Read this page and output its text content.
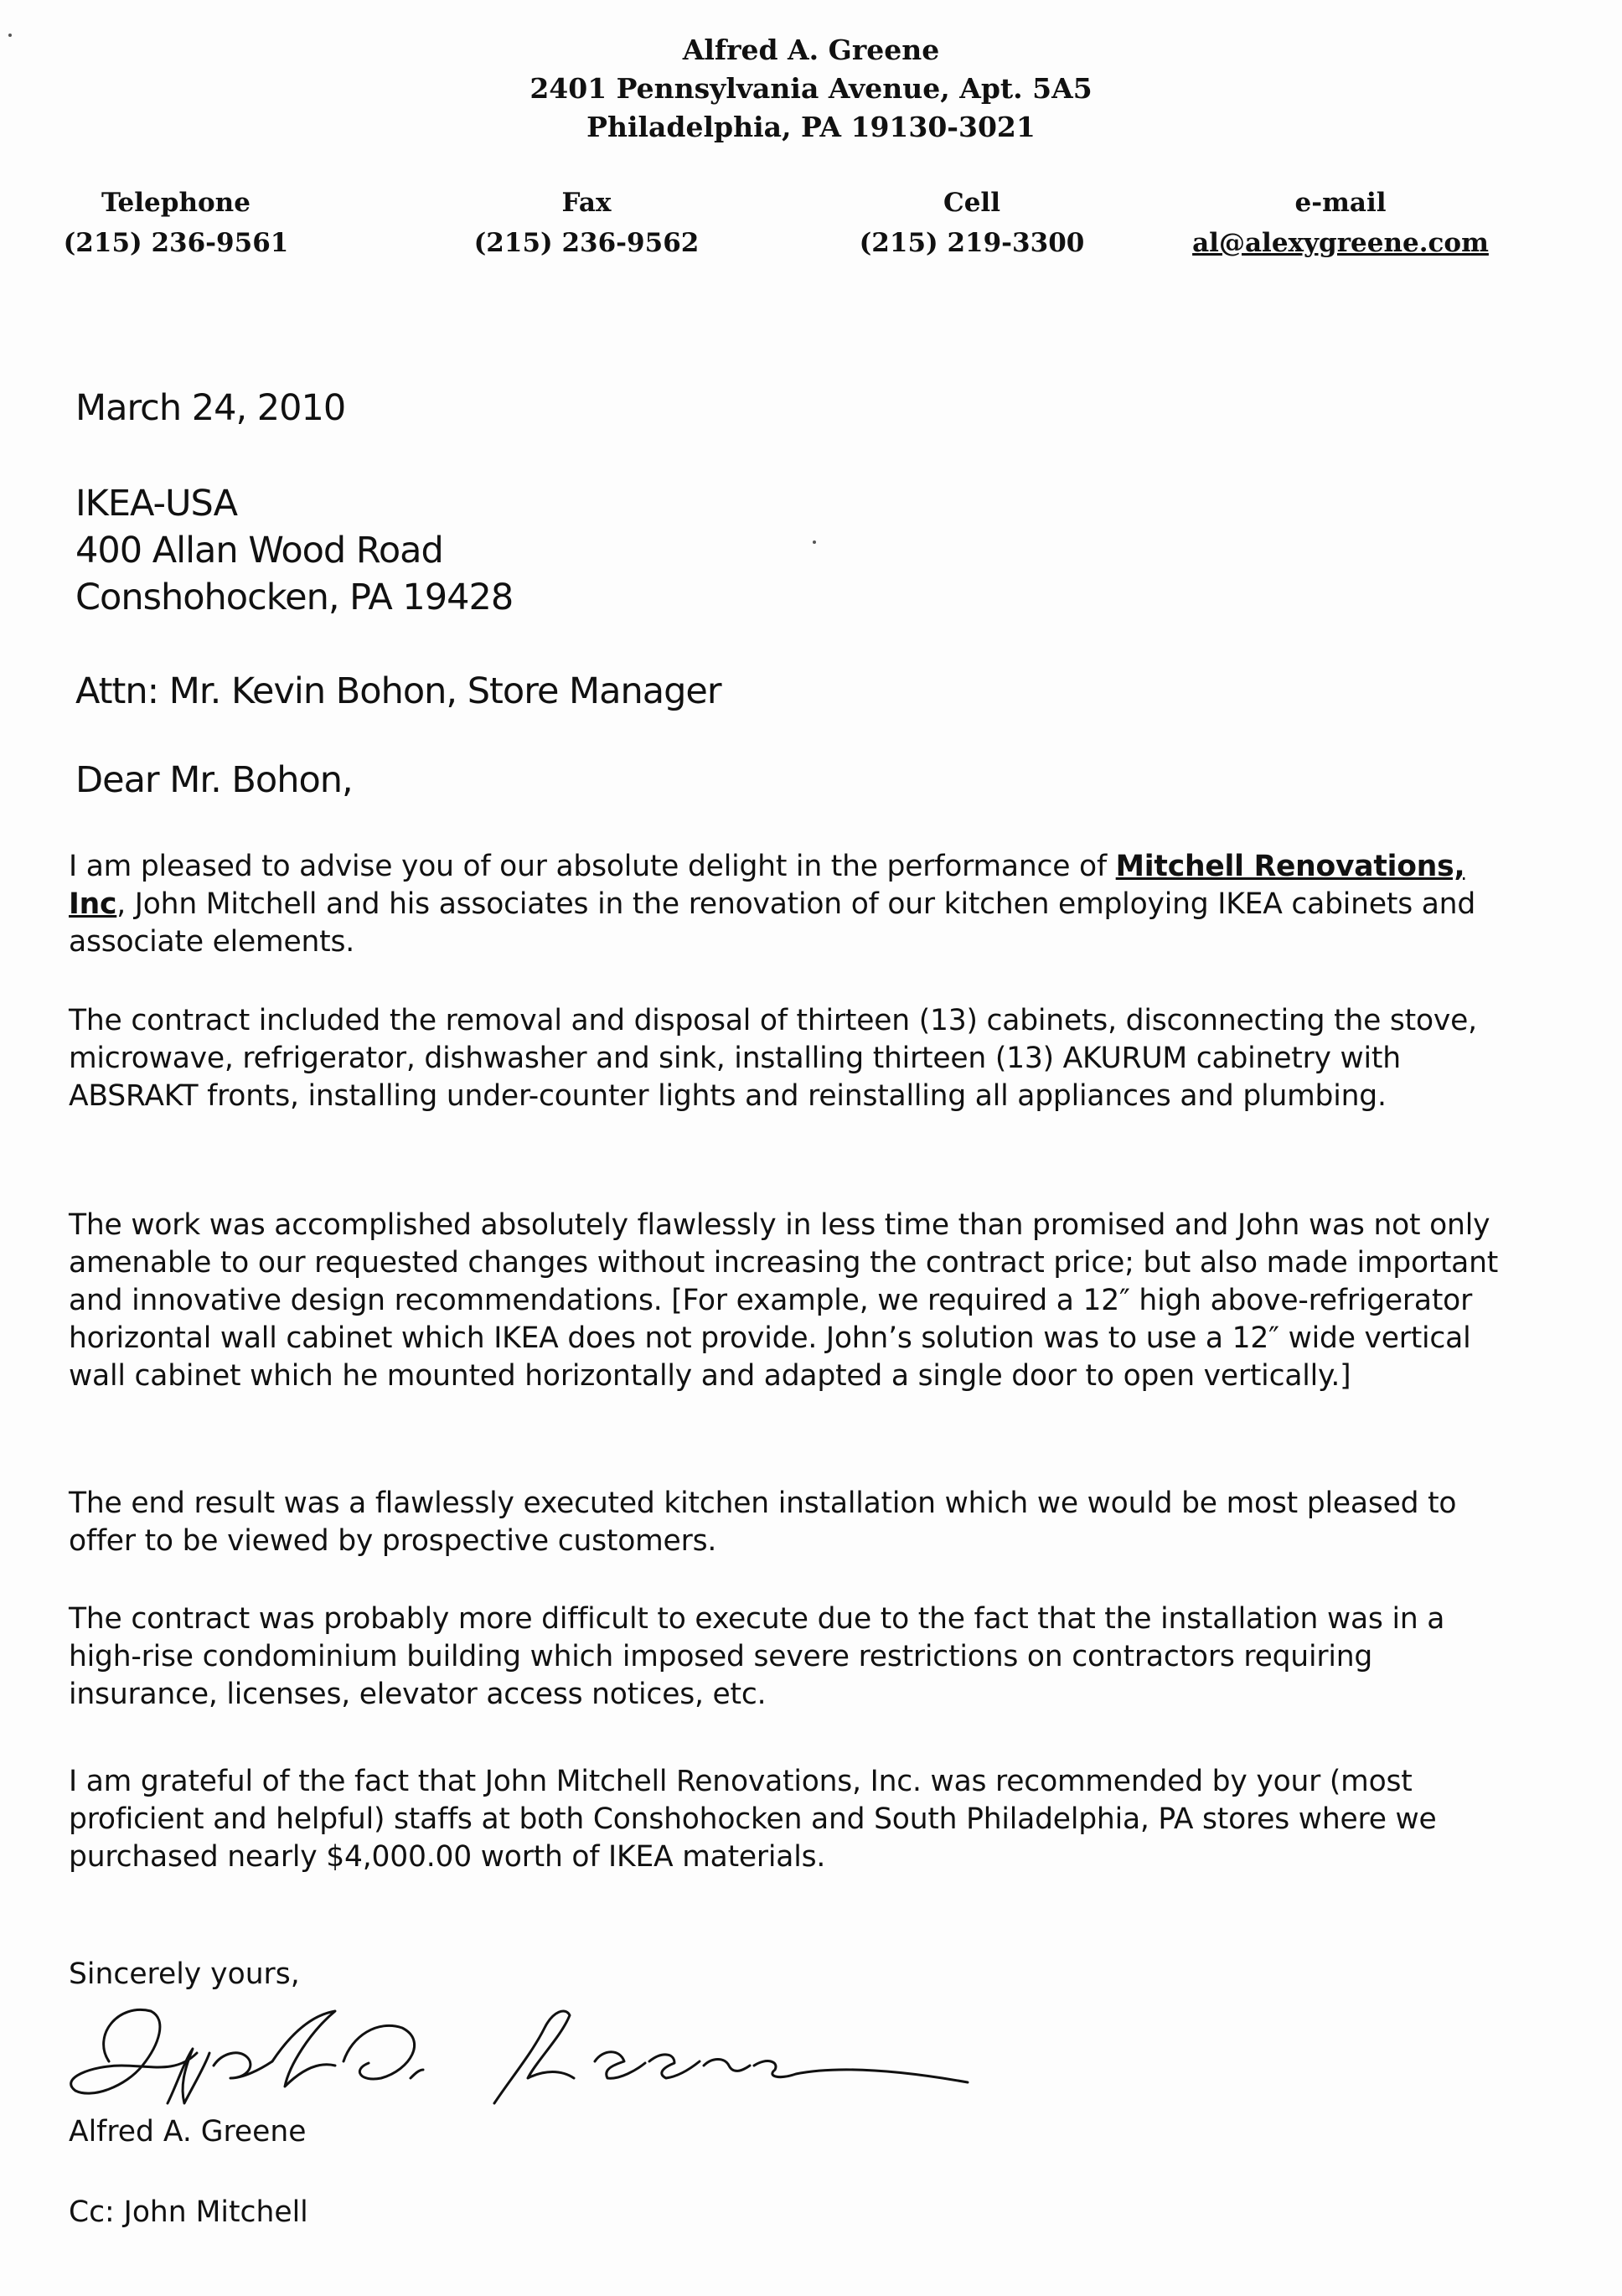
Alfred A. Greene
2401 Pennsylvania Avenue, Apt. 5A5
Philadelphia, PA 19130-3021
Telephone
(215) 236-9561
Fax
(215) 236-9562
Cell
(215) 219-3300
e-mail
al@alexygreene.com
March 24, 2010
IKEA-USA
400 Allan Wood Road
Conshohocken, PA 19428
Attn: Mr. Kevin Bohon, Store Manager
Dear Mr. Bohon,

I am pleased to advise you of our absolute delight in the performance of Mitchell Renovations, Inc, John Mitchell and his associates in the renovation of our kitchen employing IKEA cabinets and associate elements.

The contract included the removal and disposal of thirteen (13) cabinets, disconnecting the stove, microwave, refrigerator, dishwasher and sink, installing thirteen (13) AKURUM cabinetry with ABSRAKT fronts, installing under-counter lights and reinstalling all appliances and plumbing.

The work was accomplished absolutely flawlessly in less time than promised and John was not only amenable to our requested changes without increasing the contract price; but also made important and innovative design recommendations. [For example, we required a 12″ high above-refrigerator horizontal wall cabinet which IKEA does not provide. John’s solution was to use a 12″ wide vertical wall cabinet which he mounted horizontally and adapted a single door to open vertically.]

The end result was a flawlessly executed kitchen installation which we would be most pleased to offer to be viewed by prospective customers.

The contract was probably more difficult to execute due to the fact that the installation was in a high-rise condominium building which imposed severe restrictions on contractors requiring insurance, licenses, elevator access notices, etc.

I am grateful of the fact that John Mitchell Renovations, Inc. was recommended by your (most proficient and helpful) staffs at both Conshohocken and South Philadelphia, PA stores where we purchased nearly $4,000.00 worth of IKEA materials.

Sincerely yours,
Alfred A. Greene
Cc: John Mitchell
